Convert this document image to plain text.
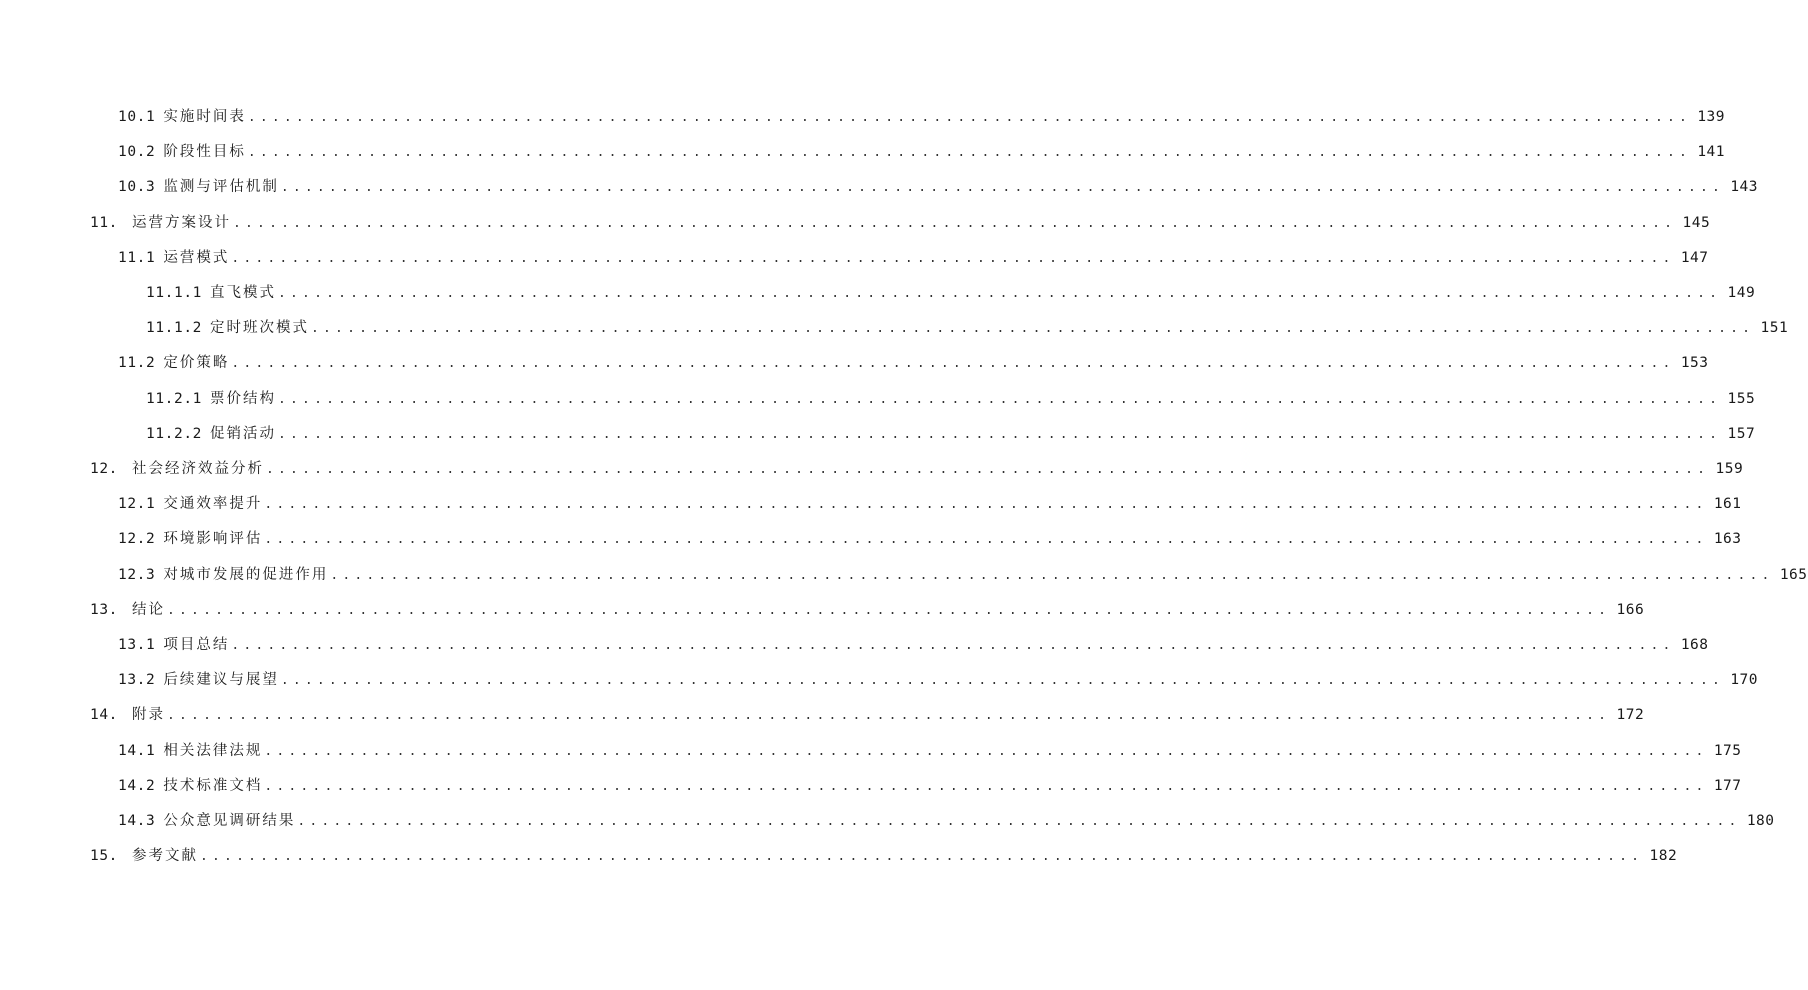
10.1 实施时间表 ........................................................................................................................ 139
10.2 阶段性目标 ........................................................................................................................ 141
10.3 监测与评估机制 ........................................................................................................................ 143
11. 运营方案设计 ........................................................................................................................ 145
11.1 运营模式 ........................................................................................................................ 147
11.1.1 直飞模式 ........................................................................................................................ 149
11.1.2 定时班次模式 ........................................................................................................................ 151
11.2 定价策略 ........................................................................................................................ 153
11.2.1 票价结构 ........................................................................................................................ 155
11.2.2 促销活动 ........................................................................................................................ 157
12. 社会经济效益分析 ........................................................................................................................ 159
12.1 交通效率提升 ........................................................................................................................ 161
12.2 环境影响评估 ........................................................................................................................ 163
12.3 对城市发展的促进作用 ........................................................................................................................ 165
13. 结论 ........................................................................................................................ 166
13.1 项目总结 ........................................................................................................................ 168
13.2 后续建议与展望 ........................................................................................................................ 170
14. 附录 ........................................................................................................................ 172
14.1 相关法律法规 ........................................................................................................................ 175
14.2 技术标准文档 ........................................................................................................................ 177
14.3 公众意见调研结果 ........................................................................................................................ 180
15. 参考文献 ........................................................................................................................ 182
